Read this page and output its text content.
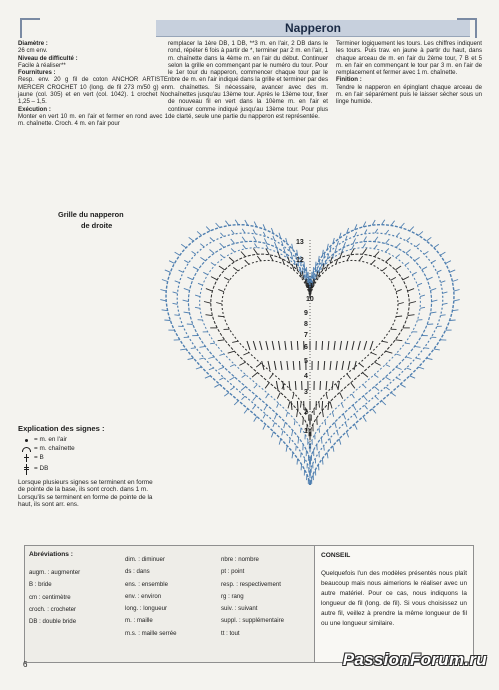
Napperon

Diamètre :

26 cm env.

Niveau de difficulté :

Facile à réaliser**

Fournitures :

Resp. env. 20 g fil de coton ANCHOR ARTISTE MERCER CROCHET 10 (long. de fil 273 m/50 g) en jaune (col. 305) et en vert (col. 1042). 1 crochet No 1,25 – 1,5.

Exécution :

Monter en vert 10 m. en l'air et fermer en rond avec 1 m. chaînette. Croch. 4 m. en l'air pour

remplacer la 1ère DB, 1 DB, **3 m. en l'air, 2 DB dans le rond, répéter 6 fois à partir de *, terminer par 2 m. en l'air, 1 m. chaînette dans la 4ème m. en l'air du début. Continuer selon la grille en commençant par le numéro du tour. Pour le 1er tour du napperon, commencer chaque tour par le nbre de m. en l'air indiqué dans la grille et terminer par des m. chaînettes. Si nécessaire, avancer avec des m. chaînettes jusqu'au 13ème tour. Après le 13ème tour, fixer de nouveau fil en vert dans la 10ème m. en l'air et continuer comme indiqué jusqu'au 13ème tour. Pour plus de clarté, seule une partie du napperon est représentée.

Terminer logiquement les tours. Les chiffres indiquent les tours. Puis trav. en jaune à partir du haut, dans chaque arceau de m. en l'air du 2ème tour, 7 B et 5 m. en l'air en commençant le tour par 3 m. en l'air de remplacement et fermer avec 1 m. chaînette.

Finition :

Tendre le napperon en épinglant chaque arceau de m. en l'air séparément puis le laisser sécher sous un linge humide.

Grille du napperon
de droite
13
12
11
10
9
8
7
6
5
4
3
2
1
Explication des signes :
= m. en l'air
= m. chaînette
= B
= DB
Lorsque plusieurs signes se terminent en forme de pointe de la base, ils sont croch. dans 1 m. Lorsqu'ils se terminent en forme de pointe de la haut, ils sont arr. ens.
Abréviations :
augm. : augmenter
B : bride
cm : centimètre
croch. : crocheter
DB : double bride
dim. : diminuer
ds : dans
ens. : ensemble
env. : environ
long. : longueur
m. : maille
m.s. : maille serrée
nbre : nombre
pt : point
resp. : respectivement
rg : rang
suiv. : suivant
suppl. : supplémentaire
tt : tout
CONSEIL
Quelquefois l'un des modèles présentés nous plaît beaucoup mais nous aimerions le réaliser avec un autre matériel. Pour ce cas, nous indiquons la longueur de fil (long. de fil). Si vous choisissez un autre fil, veillez à prendre la même longueur de fil ou une longueur similaire.
6	PassionForum.ru
